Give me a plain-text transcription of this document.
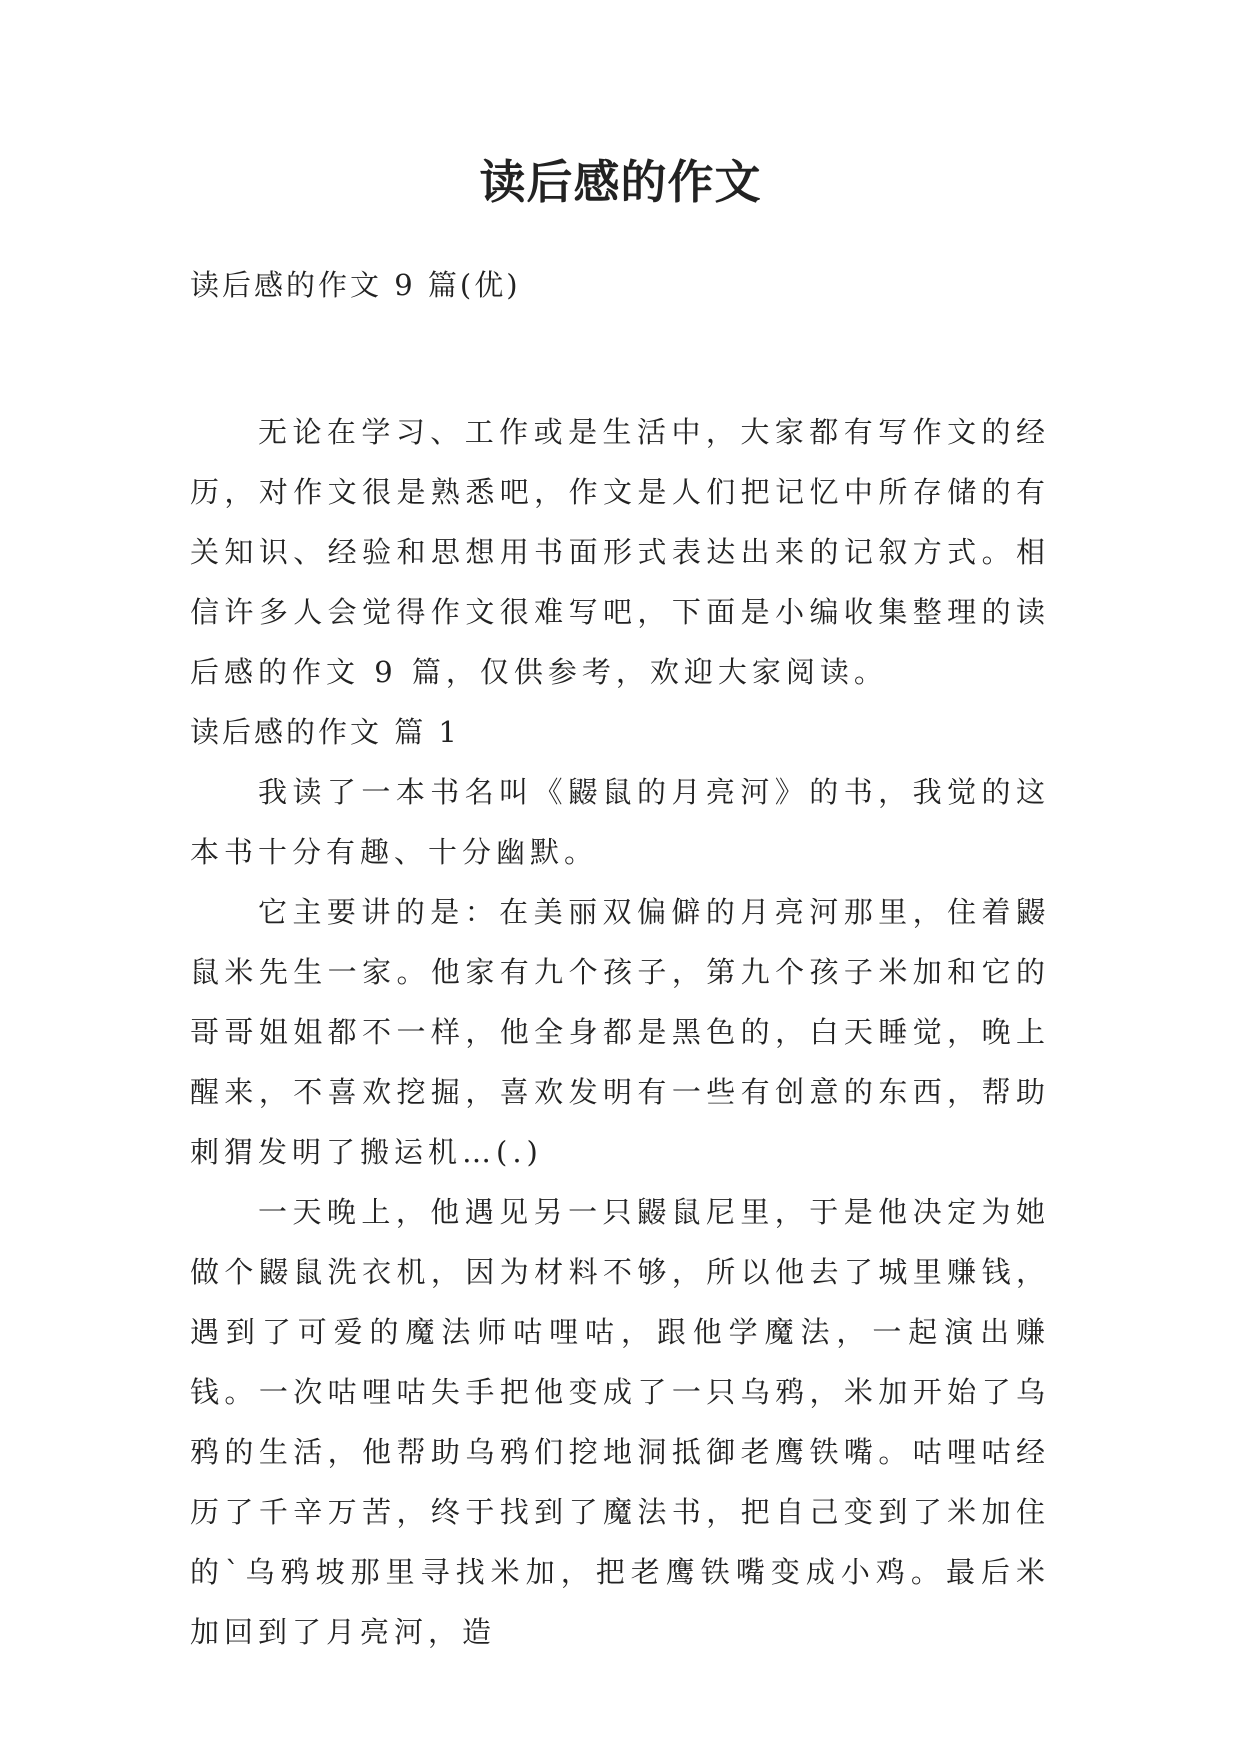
读后感的作文
读后感的作文 9 篇(优)

无论在学习、工作或是生活中，大家都有写作文的经历，对作文很是熟悉吧，作文是人们把记忆中所存储的有关知识、经验和思想用书面形式表达出来的记叙方式。相信许多人会觉得作文很难写吧，下面是小编收集整理的读后感的作文 9 篇，仅供参考，欢迎大家阅读。

读后感的作文 篇 1

我读了一本书名叫《鼹鼠的月亮河》的书，我觉的这本书十分有趣、十分幽默。

它主要讲的是：在美丽双偏僻的月亮河那里，住着鼹鼠米先生一家。他家有九个孩子，第九个孩子米加和它的哥哥姐姐都不一样，他全身都是黑色的，白天睡觉，晚上醒来，不喜欢挖掘，喜欢发明有一些有创意的东西，帮助刺猬发明了搬运机…(.)

一天晚上，他遇见另一只鼹鼠尼里，于是他决定为她做个鼹鼠洗衣机，因为材料不够，所以他去了城里赚钱，遇到了可爱的魔法师咕哩咕，跟他学魔法，一起演出赚钱。一次咕哩咕失手把他变成了一只乌鸦，米加开始了乌鸦的生活，他帮助乌鸦们挖地洞抵御老鹰铁嘴。咕哩咕经历了千辛万苦，终于找到了魔法书，把自己变到了米加住的`乌鸦坡那里寻找米加，把老鹰铁嘴变成小鸡。最后米加回到了月亮河，造
